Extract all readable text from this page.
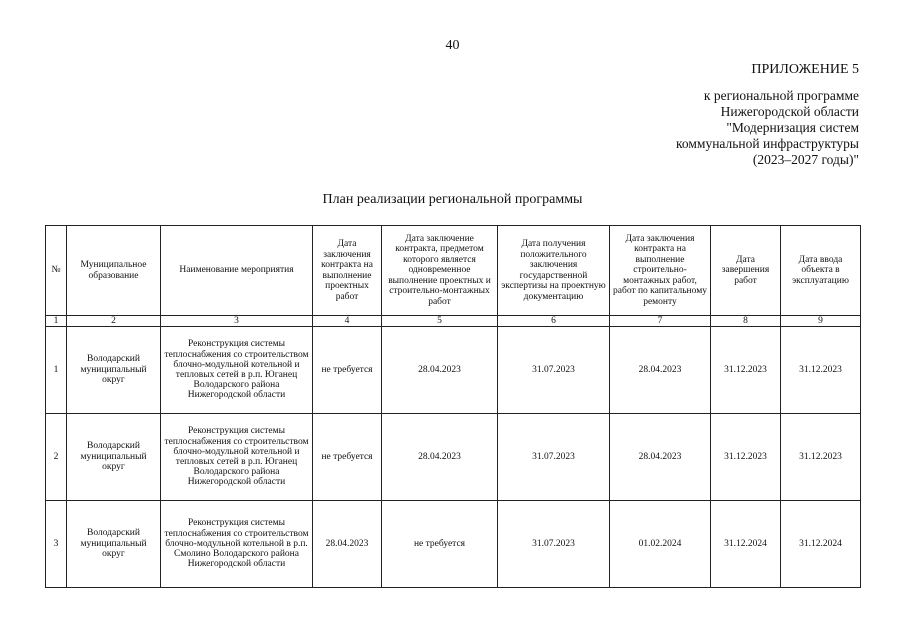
40
ПРИЛОЖЕНИЕ 5
к региональной программе
Нижегородской области
"Модернизация систем
коммунальной инфраструктуры
(2023–2027 годы)"
План реализации региональной программы
№	Муниципальное образование	Наименование мероприятия	Дата заключения контракта на выполнение проектных работ	Дата заключение контракта, предметом которого является одновременное выполнение проектных и строительно-монтажных работ	Дата получения положительного заключения государственной экспертизы на проектную документацию	Дата заключения контракта на выполнение строительно-монтажных работ, работ по капитальному ремонту	Дата завершения работ	Дата ввода объекта в эксплуатацию
1	2	3	4	5	6	7	8	9
1	Володарский муниципальный округ	Реконструкция системы теплоснабжения со строительством блочно-модульной котельной и тепловых сетей в р.п. Юганец Володарского района Нижегородской области	не требуется	28.04.2023	31.07.2023	28.04.2023	31.12.2023	31.12.2023
2	Володарский муниципальный округ	Реконструкция системы теплоснабжения со строительством блочно-модульной котельной и тепловых сетей в р.п. Юганец Володарского района Нижегородской области	не требуется	28.04.2023	31.07.2023	28.04.2023	31.12.2023	31.12.2023
3	Володарский муниципальный округ	Реконструкция системы теплоснабжения со строительством блочно-модульной котельной в р.п. Смолино Володарского района Нижегородской области	28.04.2023	не требуется	31.07.2023	01.02.2024	31.12.2024	31.12.2024
